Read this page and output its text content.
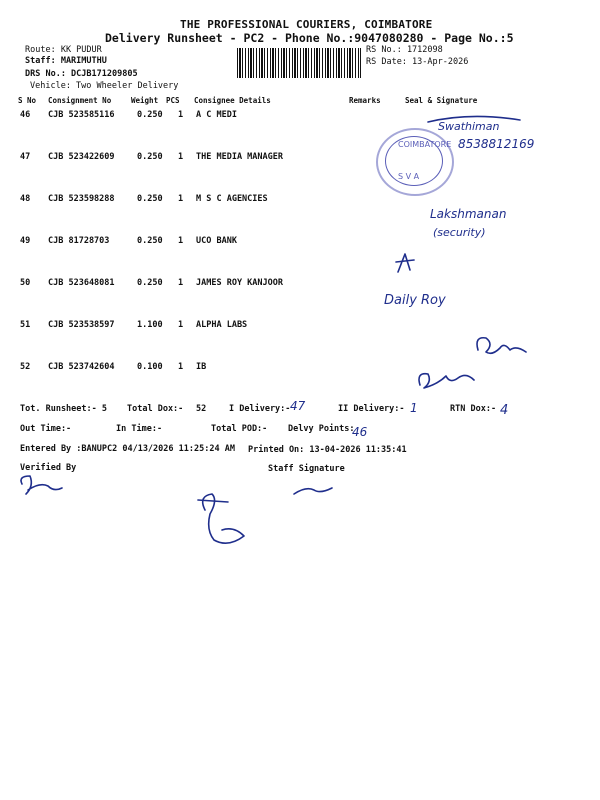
THE PROFESSIONAL COURIERS, COIMBATORE
Delivery Runsheet - PC2 - Phone No.:9047080280 - Page No.:5
Route: KK PUDUR
Staff: MARIMUTHU
DRS No.: DCJB171209805
Vehicle: Two Wheeler Delivery
RS No.: 1712098
RS Date: 13-Apr-2026
S No Consignment No	Weight PCS Consignee Details	Remarks	Seal & Signature
46 CJB 523585116	0.250 1 A C MEDI
47 CJB 523422609	0.250 1 THE MEDIA MANAGER
48 CJB 523598288	0.250 1 M S C AGENCIES
49 CJB 81728703	0.250 1 UCO BANK
50 CJB 523648081	0.250 1 JAMES ROY KANJOOR
51 CJB 523538597	1.100 1 ALPHA LABS
52 CJB 523742604	0.100 1 IB
Tot. Runsheet:- 5 Total Dox:- 52	I Delivery:-	II Delivery:-	RTN Dox:-
Out Time:-	In Time:-	Total POD:- Delvy Points:
Entered By :BANUPC2 04/13/2026 11:25:24 AM Printed On: 13-04-2026 11:35:41
Verified By	Staff Signature
COIMBATORE
S V A
Swathiman
8538812169
Lakshmanan
(security)
Daily Roy
47	1	4
46
